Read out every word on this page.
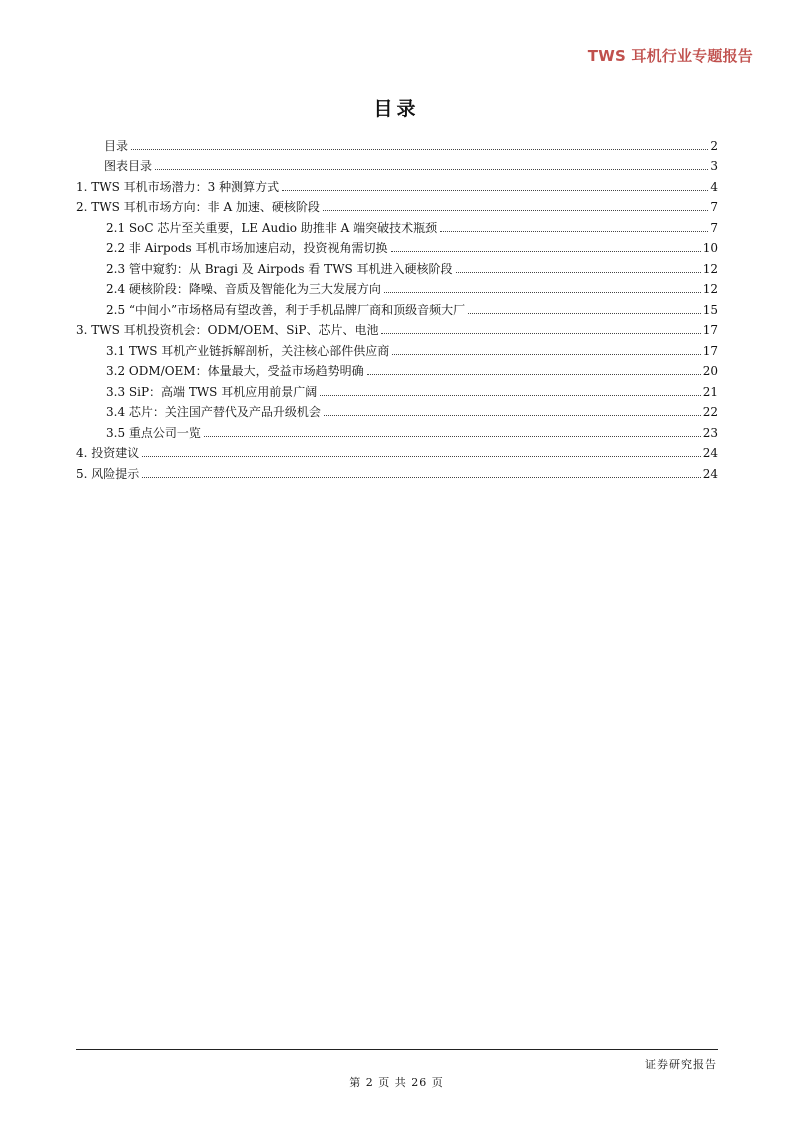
TWS 耳机行业专题报告
目录
目录	2
图表目录	3
1. TWS 耳机市场潜力：3 种测算方式	4
2. TWS 耳机市场方向：非 A 加速、硬核阶段	7
2.1 SoC 芯片至关重要，LE Audio 助推非 A 端突破技术瓶颈	7
2.2 非 Airpods 耳机市场加速启动，投资视角需切换	10
2.3 管中窥豹：从 Bragi 及 Airpods 看 TWS 耳机进入硬核阶段	12
2.4 硬核阶段：降噪、音质及智能化为三大发展方向	12
2.5 “中间小”市场格局有望改善，利于手机品牌厂商和顶级音频大厂	15
3. TWS 耳机投资机会：ODM/OEM、SiP、芯片、电池	17
3.1 TWS 耳机产业链拆解剖析，关注核心部件供应商	17
3.2 ODM/OEM：体量最大，受益市场趋势明确	20
3.3 SiP：高端 TWS 耳机应用前景广阔	21
3.4 芯片：关注国产替代及产品升级机会	22
3.5 重点公司一览	23
4. 投资建议	24
5. 风险提示	24
证券研究报告
第 2 页 共 26 页
